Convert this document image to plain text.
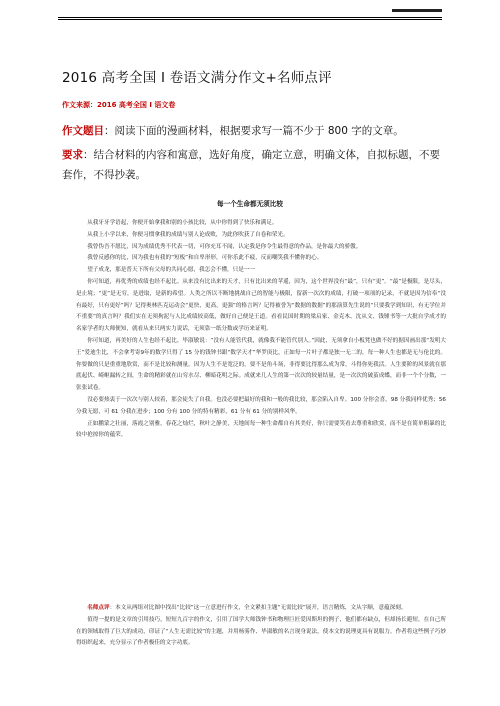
2016 高考全国 I 卷语文满分作文+名师点评
作文来源：2016 高考全国 I 语文卷
作文题目：阅读下面的漫画材料，根据要求写一篇不少于 800 字的文章。
要求：结合材料的内容和寓意，选好角度，确定立意，明确文体，自拟标题，不要套作，不得抄袭。
每一个生命都无须比较

从我牙牙学语起，你便开始拿我和别的小孩比较，从中你得到了快乐和满足。

从我上小学以来，你便习惯拿我的成绩与别人论成败，为此你吹获了自卷和荣光。

我曾伪吾不愿比，因为成绩优秀不代表一切，可你充耳不闻，认定我是你令生最得意的作品，是你最大的骄傲。

我曾反感你的比，因为我也有我的“短板”和自卑形形，可你乐此不疲，反而嘲笑我不懂你的心。

望子成龙，那是普天下所有父母的共同心愿，我怎会不懂，只是一一

你可知道，再优秀的成绩也经不起比。从来没有比出来的天才，只有比出来的苹遥，因为，这个世界没有“最”，只有“更”。“最”是极限，是尽头，是止境；“更”是无穷，是进取，是新的希望。人类之所以不断地挑战自己的智能与极限，留新一次次的成绩，打破一项项的记录，不就是因为信奉“没有最好，只有更好”吗？记得奥林匹克运动会“更快，更高，更强”的格言吗？记得被誉为“数据的数据”的那演算先生说的“只要我学到知识，有无学位并不重要”的真言吗？我们实在无须拘泥与人比成绩较高低，做好自己便是王道。看看民国时期的梁启家、金克木、沈从文、钱锺书等一大批自学成才的名家学者的大师便知，就看从来只两实力说话，无须靠一纸分数或学历来证明。

你可知道，再美好的人生也经不起比。毕淑敏说：“没有人能管代我，就像我不能管代别人。”因此，无须拿自小板凳也做不好的据因画出那“发明大王”爱迪生比，不会拿考寄9年的数学只得了 15 分的钱钟书跟“数学天才”华罗庚比，正如每一片叶子都是独一无二的，每一种人生也都是无与伦比的。你要做的只是重重地欣赏，而不是比较和测量。因为人生不是宽泛的，要不是角斗场，非得要比得那么成为常，斗得你死我活。人生要阶的风景就在那底起伏、崎岖漏转之间，生命的精彩就在山穷水尽、柳暗花明之际。成就来几人生的第一次次的较量结量，是一次次的破茧成蝶，而非一个个分数，一张张试卷。

没必要热衷于一次次与别人较着，那会徒失了自我。也没必要把最好的我和一般的我比较，那会陷入自卑。100 分你会喜，98 分我同样优秀；56 分我无愿，可 61 分我在进步；100 分有 100 分的特有精彩，61 分有 61 分的别样风华。

正如鹏蒙之壮丽，落霞之别雅，春花之灿烂，秋叶之静美，天地间每一种生命都自有其美好，你只需要笑看去尊重和欣赏，而不是在简单粗暴的比较中抢掠你的蕴荣。

名师点评：本文从两组对比图中找出“比较”这一立意进行作文，全文紧扣主题“无需比较”展开，语言精炼，文从字顺，意蕴深刻。

值得一提的是文章的引用技巧，短短九百字的作文，引用了国学大师钱钟书和物理巨匠爱因斯坦的例子，他们都有缺点，但却扬长避短，在自己所在的领域取得了巨大的成功，印证了“人生无需比较”的主题，并用杨雾作、毕淑敏的名言现身说法，使本文的说理更具有说服力。作者将这些例子巧妙得组织起来，充分显示了作者极佳的文字功底。
